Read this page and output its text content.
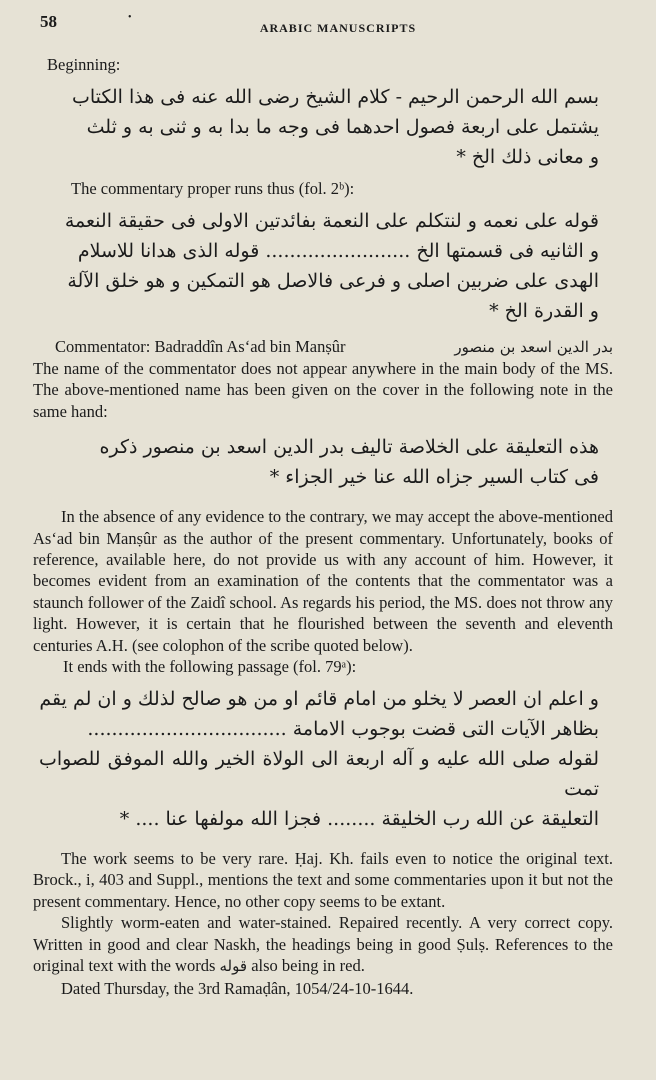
58	•
ARABIC MANUSCRIPTS

Beginning:

بسم الله الرحمن الرحيم - كلام الشيخ رضى الله عنه فى هذا الكتاب
يشتمل على اربعة فصول احدهما فى وجه ما بدا به و ثنى به و ثلث
و معانى ذلك الخ *

The commentary proper runs thus (fol. 2ᵇ):

قوله على نعمه و لنتكلم على النعمة بفائدتين الاولى فى حقيقة النعمة
و الثانيه فى قسمتها الخ ........................ قوله الذى هدانا للاسلام
الهدى على ضربين اصلى و فرعى فالاصل هو التمكين و هو خلق الآلة
و القدرة الخ *
Commentator: Badraddîn As‘ad bin Manṣûr	بدر الدين اسعد بن منصور

The name of the commentator does not appear anywhere in the main body of the MS. The above-mentioned name has been given on the cover in the following note in the same hand:

هذه التعليقة على الخلاصة تاليف بدر الدين اسعد بن منصور ذكره
فى كتاب السير جزاه الله عنا خير الجزاء *

In the absence of any evidence to the contrary, we may accept the above-mentioned As‘ad bin Manṣûr as the author of the present commentary. Unfortunately, books of reference, available here, do not provide us with any account of him. However, it becomes evident from an examination of the contents that the commentator was a staunch follower of the Zaidî school. As regards his period, the MS. does not throw any light. However, it is certain that he flourished between the seventh and eleventh centuries A.H. (see colophon of the scribe quoted below).

It ends with the following passage (fol. 79ᵃ):

و اعلم ان العصر لا يخلو من امام قائم او من هو صالح لذلك و ان لم يقم
بظاهر الآيات التى قضت بوجوب الامامة .................................
لقوله صلى الله عليه و آله اربعة الى الولاة الخير والله الموفق للصواب تمت
التعليقة عن الله رب الخليقة ........ فجزا الله مولفها عنا .... *

The work seems to be very rare. Ḥaj. Kh. fails even to notice the original text. Brock., i, 403 and Suppl., mentions the text and some commentaries upon it but not the present commentary. Hence, no other copy seems to be extant.

Slightly worm-eaten and water-stained. Repaired recently. A very correct copy. Written in good and clear Naskh, the headings being in good Ṣulṣ. References to the original text with the words قوله also being in red.

Dated Thursday, the 3rd Ramaḍân, 1054/24-10-1644.
